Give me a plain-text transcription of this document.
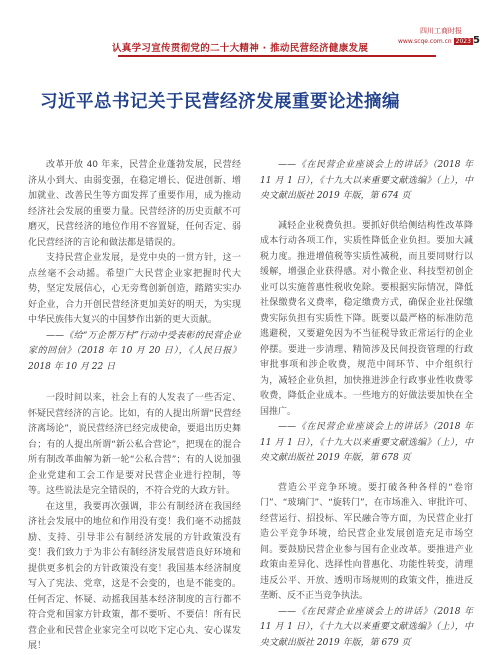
四川工商时报
www.scqe.com.cn 2023
认真学习宣传贯彻党的二十大精神 · 推动民营经济健康发展
5
习近平总书记关于民营经济发展重要论述摘编

改革开放 40 年来，民营企业蓬勃发展，民营经济从小到大、由弱变强，在稳定增长、促进创新、增加就业、改善民生等方面发挥了重要作用，成为推动经济社会发展的重要力量。民营经济的历史贡献不可磨灭，民营经济的地位作用不容置疑，任何否定、弱化民营经济的言论和做法都是错误的。

支持民营企业发展，是党中央的一贯方针，这一点丝毫不会动摇。希望广大民营企业家把握时代大势，坚定发展信心，心无旁骛创新创造，踏踏实实办好企业，合力开创民营经济更加美好的明天，为实现中华民族伟大复兴的中国梦作出新的更大贡献。

——《给“万企帮万村”行动中受表彰的民营企业家的回信》（2018 年 10 月 20 日），《人民日报》2018 年 10 月 22 日

一段时间以来，社会上有的人发表了一些否定、怀疑民营经济的言论。比如，有的人提出所谓“民营经济离场论”，说民营经济已经完成使命，要退出历史舞台；有的人提出所谓“新公私合营论”，把现在的混合所有制改革曲解为新一轮“公私合营”；有的人说加强企业党建和工会工作是要对民营企业进行控制，等等。这些说法是完全错误的，不符合党的大政方针。

在这里，我要再次强调，非公有制经济在我国经济社会发展中的地位和作用没有变！我们毫不动摇鼓励、支持、引导非公有制经济发展的方针政策没有变！我们致力于为非公有制经济发展营造良好环境和提供更多机会的方针政策没有变！我国基本经济制度写入了宪法、党章，这是不会变的，也是不能变的。任何否定、怀疑、动摇我国基本经济制度的言行都不符合党和国家方针政策，都不要听、不要信！所有民营企业和民营企业家完全可以吃下定心丸、安心谋发展！

——《在民营企业座谈会上的讲话》（2018 年 11 月 1 日），《十九大以来重要文献选编》（上），中央文献出版社 2019 年版，第 674 页

减轻企业税费负担。要抓好供给侧结构性改革降成本行动各项工作，实质性降低企业负担。要加大减税力度。推进增值税等实质性减税，而且要同财行以缓解，增强企业获得感。对小微企业、科技型初创企业可以实施普惠性税收免除。要根据实际情况，降低社保缴费名义费率，稳定缴费方式，确保企业社保缴费实际负担有实质性下降。既要以最严格的标准防范逃避税，又要避免因为不当征税导致正常运行的企业停摆。要进一步清理、精简涉及民间投资管理的行政审批事项和涉企收费，规范中间环节、中介组织行为，减轻企业负担，加快推进涉企行政事业性收费零收费，降低企业成本。一些地方的好做法要加快在全国推广。

——《在民营企业座谈会上的讲话》（2018 年 11 月 1 日），《十九大以来重要文献选编》（上），中央文献出版社 2019 年版，第 678 页

营造公平竞争环境。要打破各种各样的“卷帘门”、“玻璃门”、“旋转门”，在市场准入、审批许可、经营运行、招投标、军民融合等方面，为民营企业打造公平竞争环境，给民营企业发展创造充足市场空间。要鼓励民营企业参与国有企业改革。要推进产业政策由差异化、选择性向普惠化、功能性转变，清理违反公平、开放、透明市场规则的政策文件，推进反垄断、反不正当竞争执法。

——《在民营企业座谈会上的讲话》（2018 年 11 月 1 日），《十九大以来重要文献选编》（上），中央文献出版社 2019 年版，第 679 页
